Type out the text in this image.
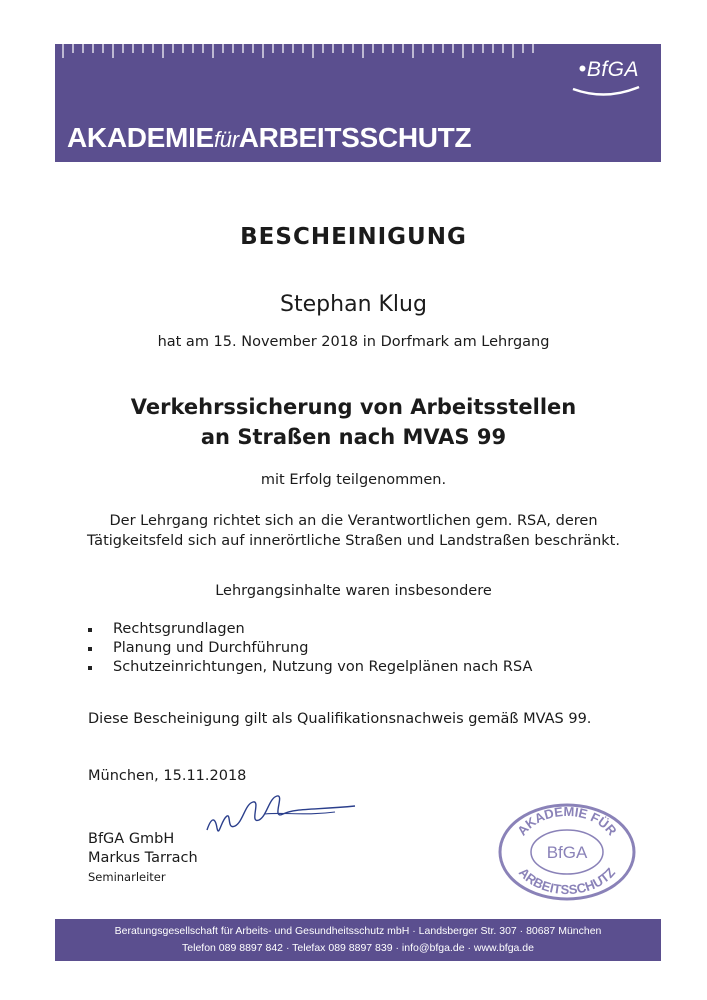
•BfGA
AKADEMIEfürARBEITSSCHUTZ
BESCHEINIGUNG
Stephan Klug
hat am 15. November 2018 in Dorfmark am Lehrgang
Verkehrssicherung von Arbeitsstellen
an Straßen nach MVAS 99
mit Erfolg teilgenommen.
Der Lehrgang richtet sich an die Verantwortlichen gem. RSA, deren
Tätigkeitsfeld sich auf innerörtliche Straßen und Landstraßen beschränkt.
Lehrgangsinhalte waren insbesondere
Rechtsgrundlagen
Planung und Durchführung
Schutzeinrichtungen, Nutzung von Regelplänen nach RSA
Diese Bescheinigung gilt als Qualifikationsnachweis gemäß MVAS 99.
München, 15.11.2018
BfGA GmbH
Markus Tarrach
Seminarleiter
AKADEMIE FÜR
BfGA
ARBEITSSCHUTZ
Beratungsgesellschaft für Arbeits- und Gesundheitsschutz mbH · Landsberger Str. 307 · 80687 München
Telefon 089 8897 842 · Telefax 089 8897 839 · info@bfga.de · www.bfga.de
